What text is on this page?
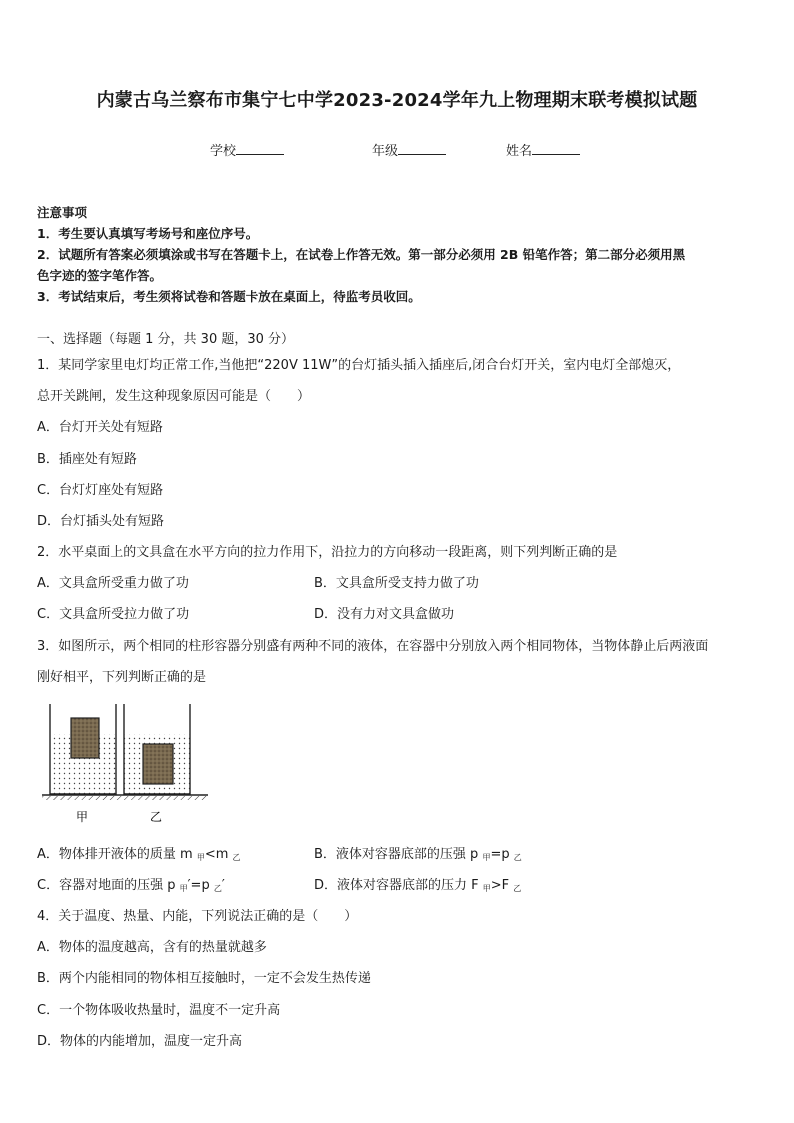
内蒙古乌兰察布市集宁七中学2023-2024学年九上物理期末联考模拟试题
学校	年级	姓名
注意事项
1．考生要认真填写考场号和座位序号。
2．试题所有答案必须填涂或书写在答题卡上，在试卷上作答无效。第一部分必须用 2B 铅笔作答；第二部分必须用黑
色字迹的签字笔作答。
3．考试结束后，考生须将试卷和答题卡放在桌面上，待监考员收回。
一、选择题（每题 1 分，共 30 题，30 分）
1．某同学家里电灯均正常工作,当他把“220V 11W”的台灯插头插入插座后,闭合台灯开关，室内电灯全部熄灭，
总开关跳闸，发生这种现象原因可能是（　　）
A．台灯开关处有短路
B．插座处有短路
C．台灯灯座处有短路
D．台灯插头处有短路
2．水平桌面上的文具盒在水平方向的拉力作用下，沿拉力的方向移动一段距离，则下列判断正确的是
A．文具盒所受重力做了功	B．文具盒所受支持力做了功
C．文具盒所受拉力做了功	D．没有力对文具盒做功
3．如图所示，两个相同的柱形容器分别盛有两种不同的液体，在容器中分别放入两个相同物体，当物体静止后两液面
刚好相平，下列判断正确的是
甲	乙
A．物体排开液体的质量 m $_甲$<m $_乙$	B．液体对容器底部的压强 p $_甲$=p $_乙$
C．容器对地面的压强 p $_甲$′=p $_乙$′	D．液体对容器底部的压力 F $_甲$>F $_乙$
4．关于温度、热量、内能，下列说法正确的是（　　）
A．物体的温度越高，含有的热量就越多
B．两个内能相同的物体相互接触时，一定不会发生热传递
C．一个物体吸收热量时，温度不一定升高
D．物体的内能增加，温度一定升高
